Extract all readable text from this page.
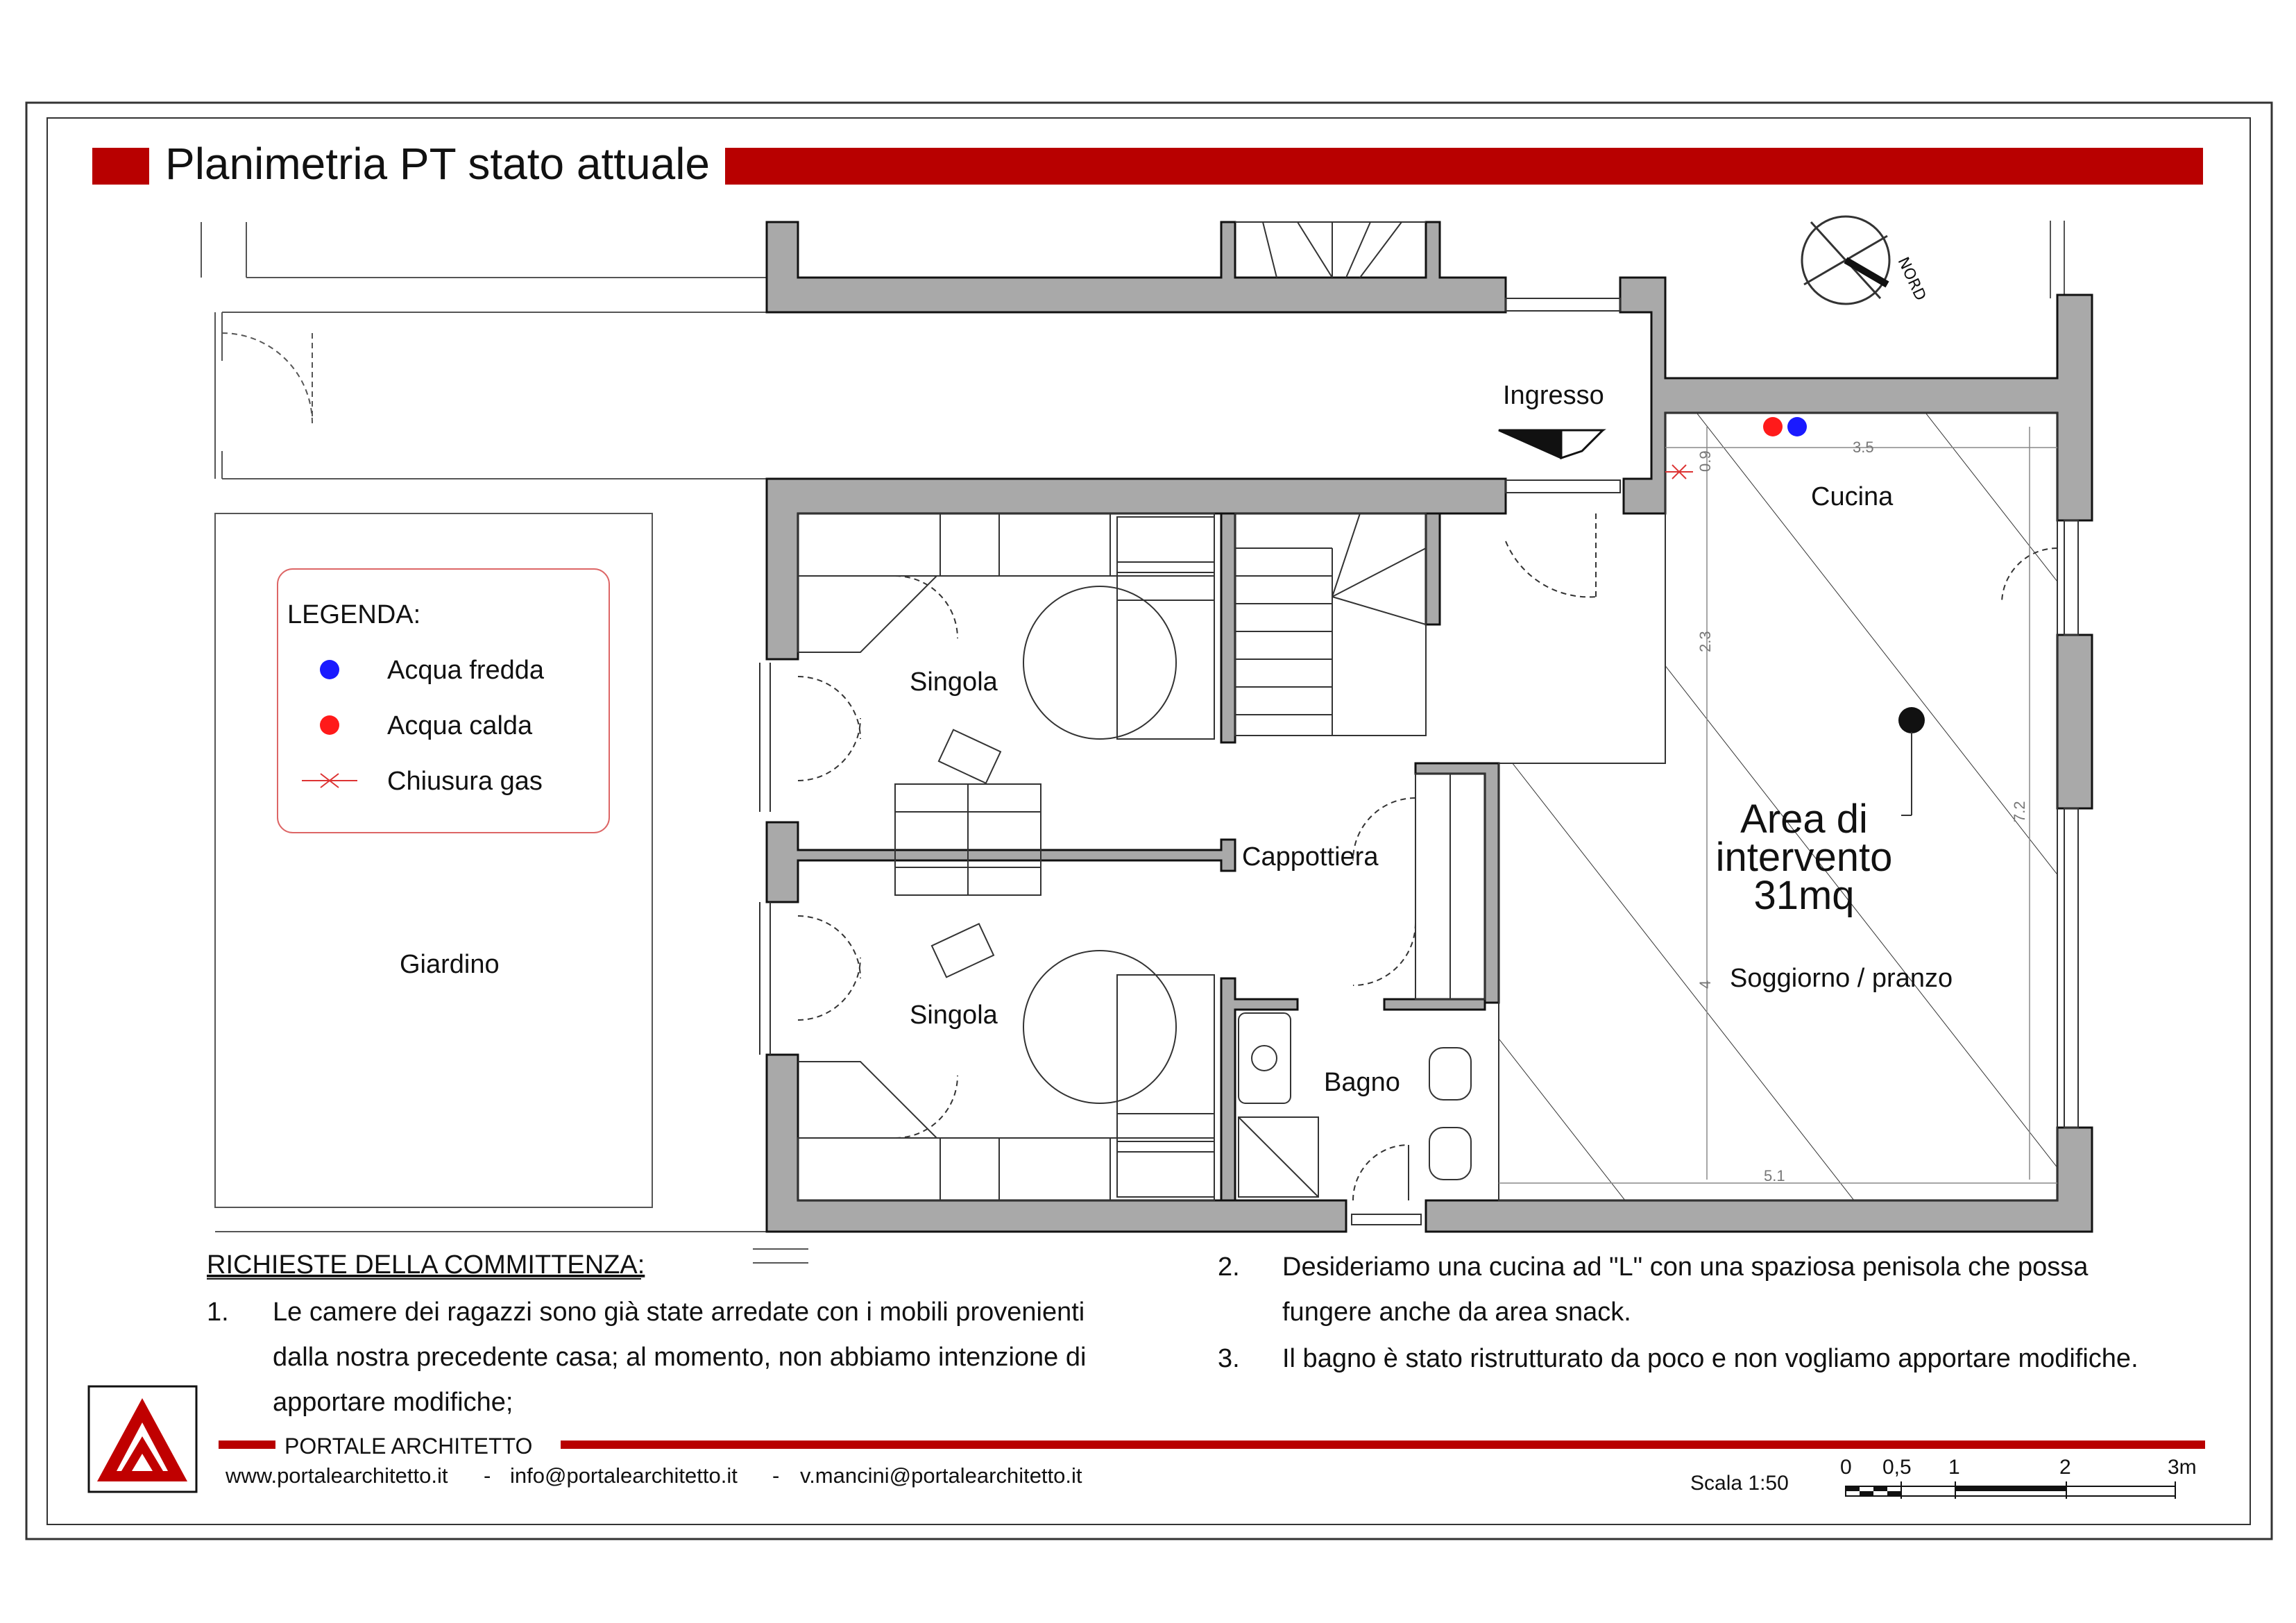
Planimetria PT stato attuale
NORD
3.5
0.9
2.3
7.2
4
5.1
Ingresso
Cucina
Singola
Singola
Cappottiera
Bagno
Giardino	Soggiorno / pranzo
Area di
intervento
31mq
LEGENDA:
Acqua fredda
Acqua calda
Chiusura gas
RICHIESTE DELLA COMMITTENZA:
1. Le camere dei ragazzi sono già state arredate con i mobili provenienti
dalla nostra precedente casa; al momento, non abbiamo intenzione di
apportare modifiche;
2. Desideriamo una cucina ad "L" con una spaziosa penisola che possa
fungere anche da area snack.
3. Il bagno è stato ristrutturato da poco e non vogliamo apportare modifiche.
PORTALE ARCHITETTO
www.portalearchitetto.it - info@portalearchitetto.it - v.mancini@portalearchitetto.it	Scala 1:50
0 0,5 1	2	3m
